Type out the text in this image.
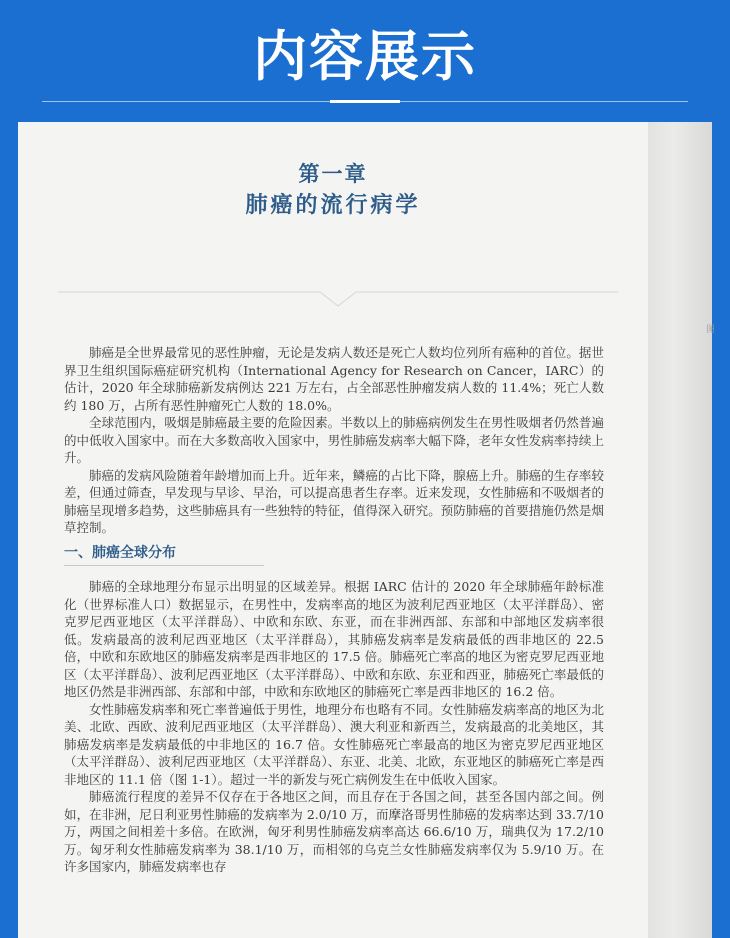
内容展示
图
第一章
肺癌的流行病学

肺癌是全世界最常见的恶性肿瘤，无论是发病人数还是死亡人数均位列所有癌种的首位。据世界卫生组织国际癌症研究机构（International Agency for Research on Cancer，IARC）的估计，2020 年全球肺癌新发病例达 221 万左右，占全部恶性肿瘤发病人数的 11.4%；死亡人数约 180 万，占所有恶性肿瘤死亡人数的 18.0%。

全球范围内，吸烟是肺癌最主要的危险因素。半数以上的肺癌病例发生在男性吸烟者仍然普遍的中低收入国家中。而在大多数高收入国家中，男性肺癌发病率大幅下降，老年女性发病率持续上升。

肺癌的发病风险随着年龄增加而上升。近年来，鳞癌的占比下降，腺癌上升。肺癌的生存率较差，但通过筛查，早发现与早诊、早治，可以提高患者生存率。近来发现，女性肺癌和不吸烟者的肺癌呈现增多趋势，这些肺癌具有一些独特的特征，值得深入研究。预防肺癌的首要措施仍然是烟草控制。

一、肺癌全球分布

肺癌的全球地理分布显示出明显的区域差异。根据 IARC 估计的 2020 年全球肺癌年龄标准化（世界标准人口）数据显示，在男性中，发病率高的地区为波利尼西亚地区（太平洋群岛）、密克罗尼西亚地区（太平洋群岛）、中欧和东欧、东亚，而在非洲西部、东部和中部地区发病率很低。发病最高的波利尼西亚地区（太平洋群岛），其肺癌发病率是发病最低的西非地区的 22.5 倍，中欧和东欧地区的肺癌发病率是西非地区的 17.5 倍。肺癌死亡率高的地区为密克罗尼西亚地区（太平洋群岛）、波利尼西亚地区（太平洋群岛）、中欧和东欧、东亚和西亚，肺癌死亡率最低的地区仍然是非洲西部、东部和中部，中欧和东欧地区的肺癌死亡率是西非地区的 16.2 倍。

女性肺癌发病率和死亡率普遍低于男性，地理分布也略有不同。女性肺癌发病率高的地区为北美、北欧、西欧、波利尼西亚地区（太平洋群岛）、澳大利亚和新西兰，发病最高的北美地区，其肺癌发病率是发病最低的中非地区的 16.7 倍。女性肺癌死亡率最高的地区为密克罗尼西亚地区（太平洋群岛）、波利尼西亚地区（太平洋群岛）、东亚、北美、北欧，东亚地区的肺癌死亡率是西非地区的 11.1 倍（图 1-1）。超过一半的新发与死亡病例发生在中低收入国家。

肺癌流行程度的差异不仅存在于各地区之间，而且存在于各国之间，甚至各国内部之间。例如，在非洲，尼日利亚男性肺癌的发病率为 2.0/10 万，而摩洛哥男性肺癌的发病率达到 33.7/10 万，两国之间相差十多倍。在欧洲，匈牙利男性肺癌发病率高达 66.6/10 万，瑞典仅为 17.2/10 万。匈牙利女性肺癌发病率为 38.1/10 万，而相邻的乌克兰女性肺癌发病率仅为 5.9/10 万。在许多国家内，肺癌发病率也存
